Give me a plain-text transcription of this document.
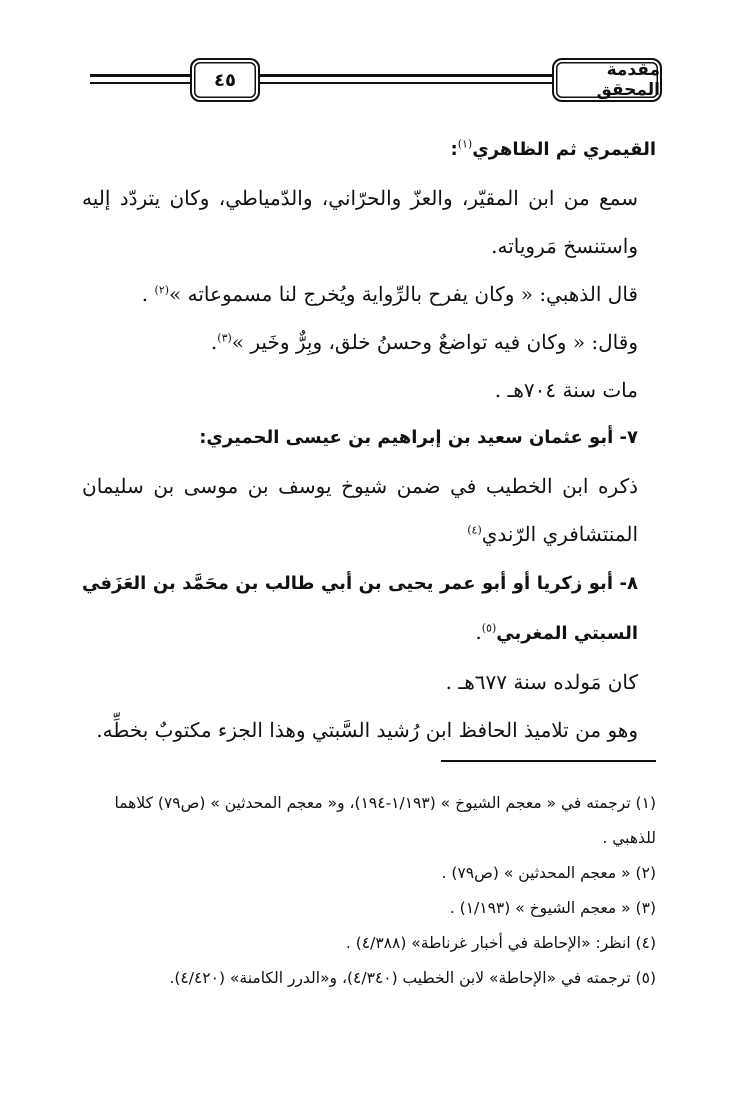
مقدمة المحقق
٤٥

القيمري ثم الظاهري$^{(١)}$:

سمع من ابن المقيّر، والعزّ والحرّاني، والدّمياطي، وكان يتردّد إليه واستنسخ مَروياته.

قال الذهبي: « وكان يفرح بالرِّواية ويُخرج لنا مسموعاته »$^{(٢)}$ .

وقال: « وكان فيه تواضعٌ وحسنُ خلق، وبِرٌّ وخَير »$^{(٣)}$.

مات سنة ٧٠٤هـ .

٧- أبو عثمان سعيد بن إبراهيم بن عيسى الحميري:

ذكره ابن الخطيب في ضمن شيوخ يوسف بن موسى بن سليمان المنتشافري الرّندي$^{(٤)}$

٨- أبو زكريا أو أبو عمر يحيى بن أبي طالب بن محَمَّد بن العَزَفي السبتي المغربي$^{(٥)}$.

كان مَولده سنة ٦٧٧هـ .

وهو من تلاميذ الحافظ ابن رُشيد السَّبتي وهذا الجزء مكتوبٌ بخطِّه.

(١) ترجمته في « معجم الشيوخ » (١/١٩٣-١٩٤)، و« معجم المحدثين » (ص٧٩) كلاهما للذهبي .

(٢) « معجم المحدثين » (ص٧٩) .

(٣) « معجم الشيوخ » (١/١٩٣) .

(٤) انظر: «الإحاطة في أخبار غرناطة» (٤/٣٨٨) .

(٥) ترجمته في «الإحاطة» لابن الخطيب (٤/٣٤٠)، و«الدرر الكامنة» (٤/٤٢٠).
